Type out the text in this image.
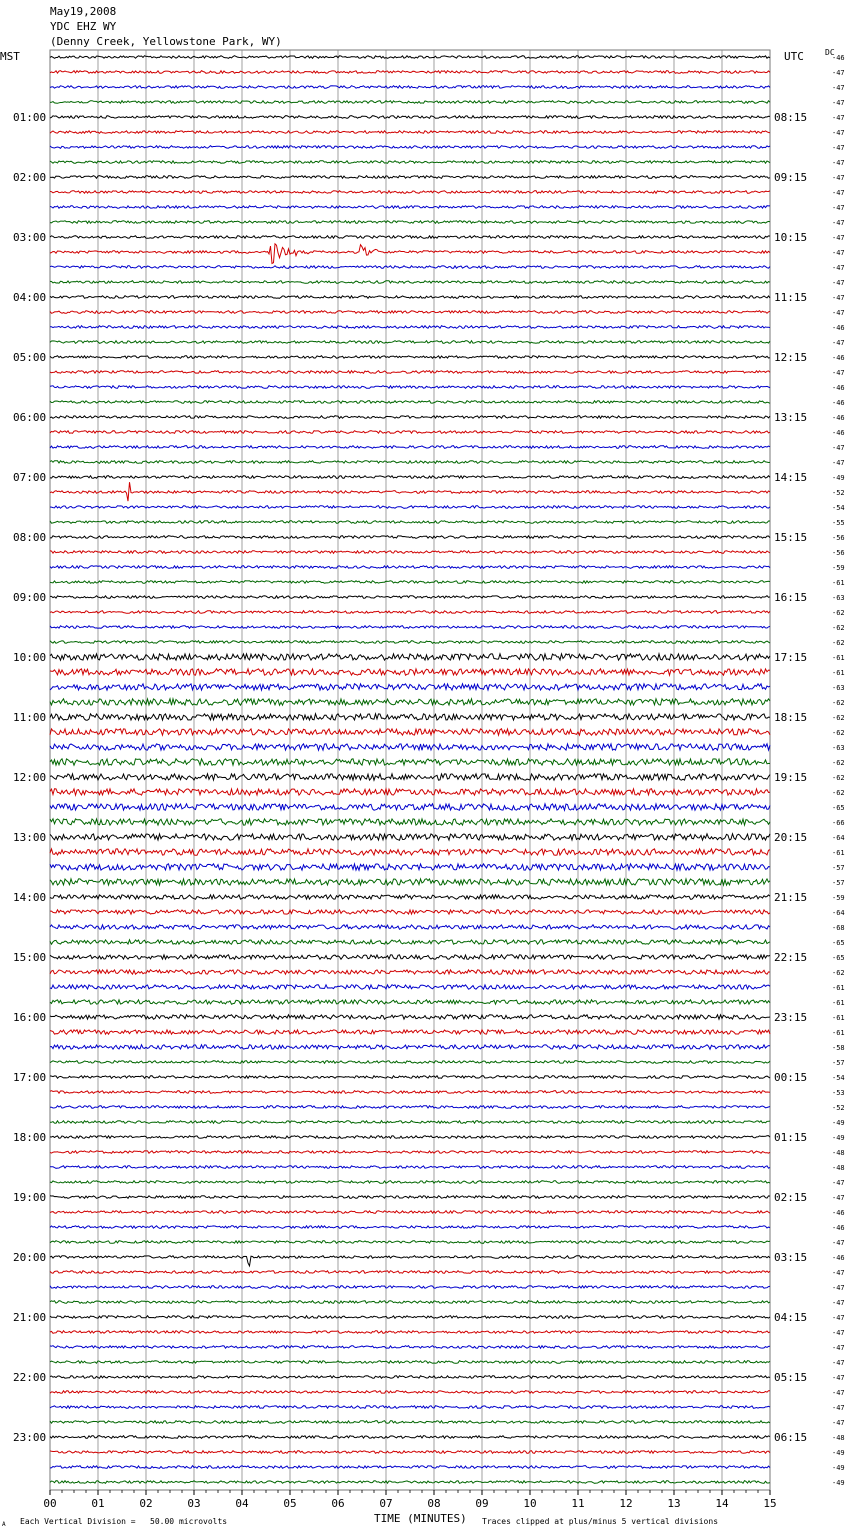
May19,2008
YDC EHZ WY
(Denny Creek, Yellowstone Park, WY)
MST	UTC	DC
01:00	08:15
02:00	09:15
03:00	10:15
04:00	11:15
05:00	12:15
06:00	13:15
07:00	14:15
08:00	15:15
09:00	16:15
10:00	17:15
11:00	18:15
12:00	19:15
13:00	20:15
14:00	21:15
15:00	22:15
16:00	23:15
17:00	00:15
18:00	01:15
19:00	02:15
20:00	03:15
21:00	04:15
22:00	05:15
23:00	06:15
-46
-47
-47
-47
-47
-47
-47
-47
-47
-47
-47
-47
-47
-47
-47
-47
-47
-47
-46
-47
-46
-47
-46
-46
-46
-46
-47
-47
-49
-52
-54
-55
-56
-56
-59
-61
-63
-62
-62
-62
-61
-61
-63
-62
-62
-62
-63
-62
-62
-62
-65
-66
-64
-61
-57
-57
-59
-64
-68
-65
-65
-62
-61
-61
-61
-61
-58
-57
-54
-53
-52
-49
-49
-48
-48
-47
-47
-46
-46
-47
-46
-47
-47
-47
-47
-47
-47
-47
-47
-47
-47
-47
-48
-49
-49
-49
00	01	02	03	04	05	06	07	08	09	10	11	12	13	14	15
Each Vertical Division =   50.00 microvolts	TIME (MINUTES) Traces clipped at plus/minus 5 vertical divisions
A
